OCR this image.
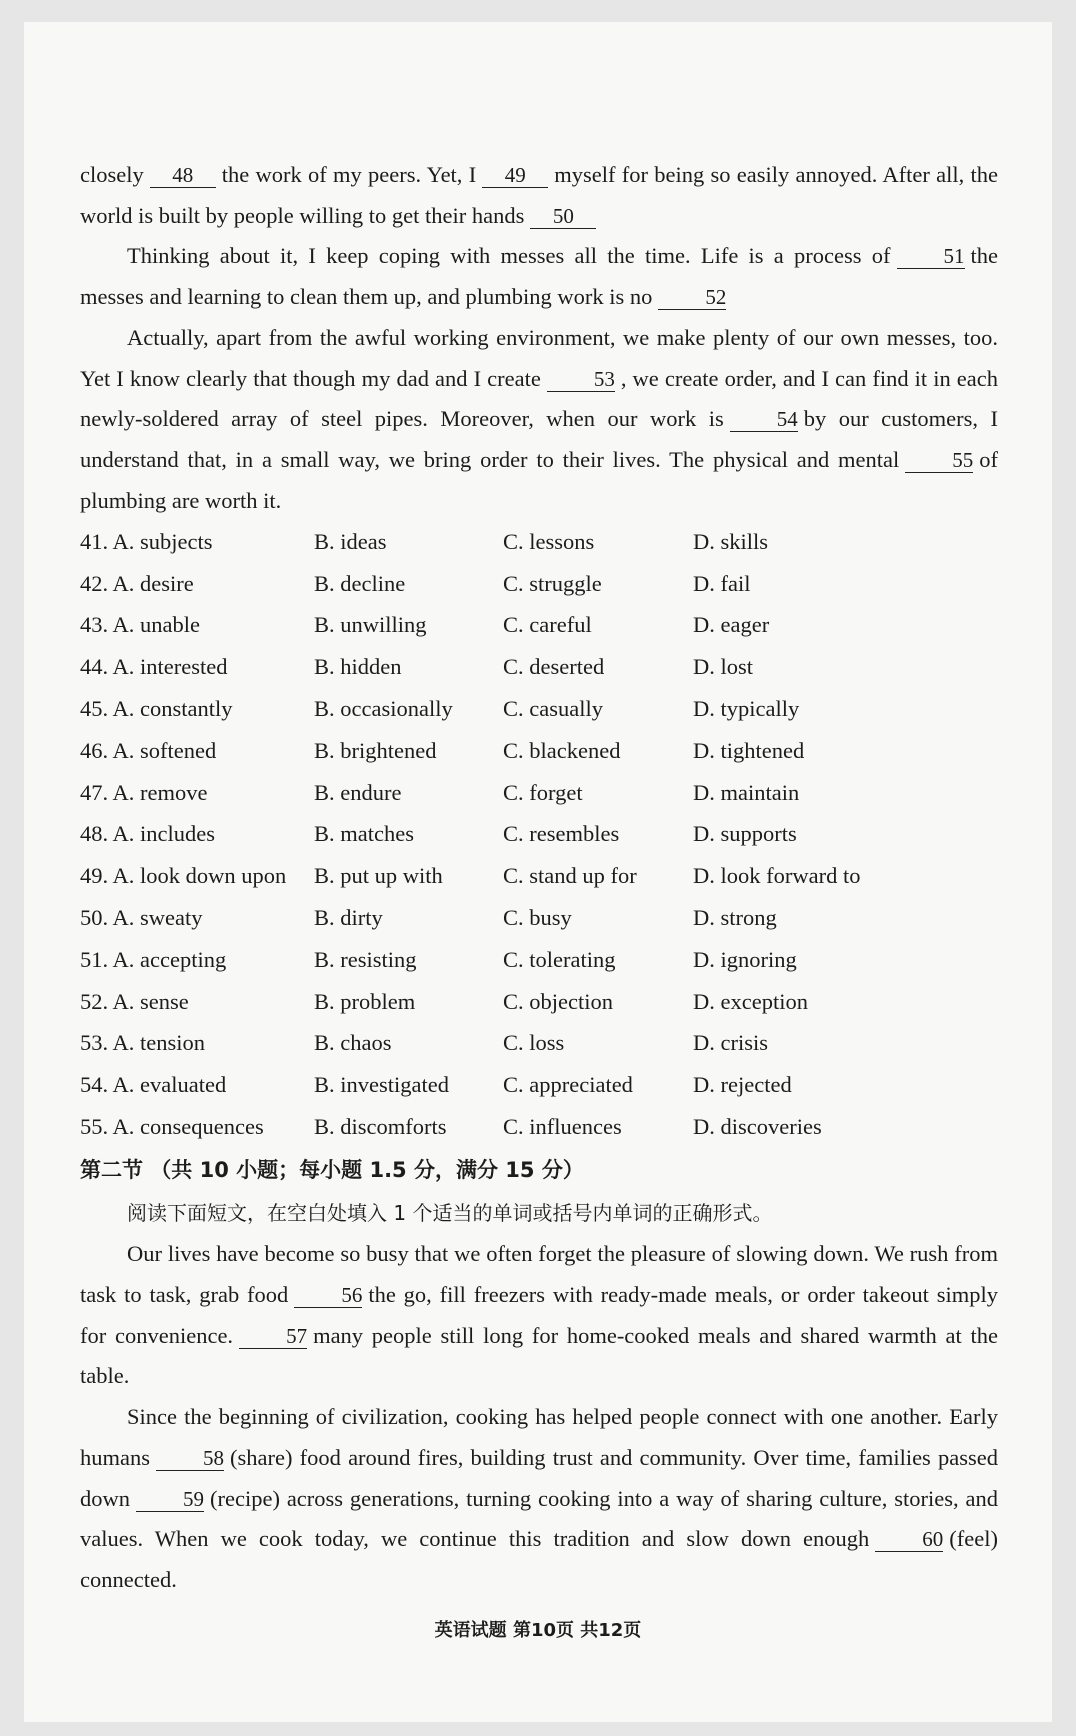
closely 48 the work of my peers. Yet, I 49 myself for being so easily annoyed. After all, the world is built by people willing to get their hands 50

Thinking about it, I keep coping with messes all the time. Life is a process of	51 the messes and learning to clean them up, and plumbing work is no	52

Actually, apart from the awful working environment, we make plenty of our own messes, too. Yet I know clearly that though my dad and I create	53 , we create order, and I can find it in each newly-soldered array of steel pipes. Moreover, when our work is	54 by our customers, I understand that, in a small way, we bring order to their lives. The physical and mental	55 of plumbing are worth it.

41. A. subjects	B. ideas	C. lessons	D. skills
42. A. desire	B. decline	C. struggle	D. fail
43. A. unable	B. unwilling	C. careful	D. eager
44. A. interested	B. hidden	C. deserted	D. lost
45. A. constantly	B. occasionally	C. casually	D. typically
46. A. softened	B. brightened	C. blackened	D. tightened
47. A. remove	B. endure	C. forget	D. maintain
48. A. includes	B. matches	C. resembles	D. supports
49. A. look down upon	B. put up with	C. stand up for	D. look forward to
50. A. sweaty	B. dirty	C. busy	D. strong
51. A. accepting	B. resisting	C. tolerating	D. ignoring
52. A. sense	B. problem	C. objection	D. exception
53. A. tension	B. chaos	C. loss	D. crisis
54. A. evaluated	B. investigated	C. appreciated	D. rejected
55. A. consequences	B. discomforts	C. influences	D. discoveries
第二节 （共 10 小题；每小题 1.5 分，满分 15 分）
阅读下面短文，在空白处填入 1 个适当的单词或括号内单词的正确形式。

Our lives have become so busy that we often forget the pleasure of slowing down. We rush from task to task, grab food	56 the go, fill freezers with ready-made meals, or order takeout simply for convenience.	57 many people still long for home-cooked meals and shared warmth at the table.

Since the beginning of civilization, cooking has helped people connect with one another. Early humans	58 (share) food around fires, building trust and community. Over time, families passed down	59 (recipe) across generations, turning cooking into a way of sharing culture, stories, and values. When we cook today, we continue this tradition and slow down enough	60 (feel) connected.

英语试题 第10页 共12页
